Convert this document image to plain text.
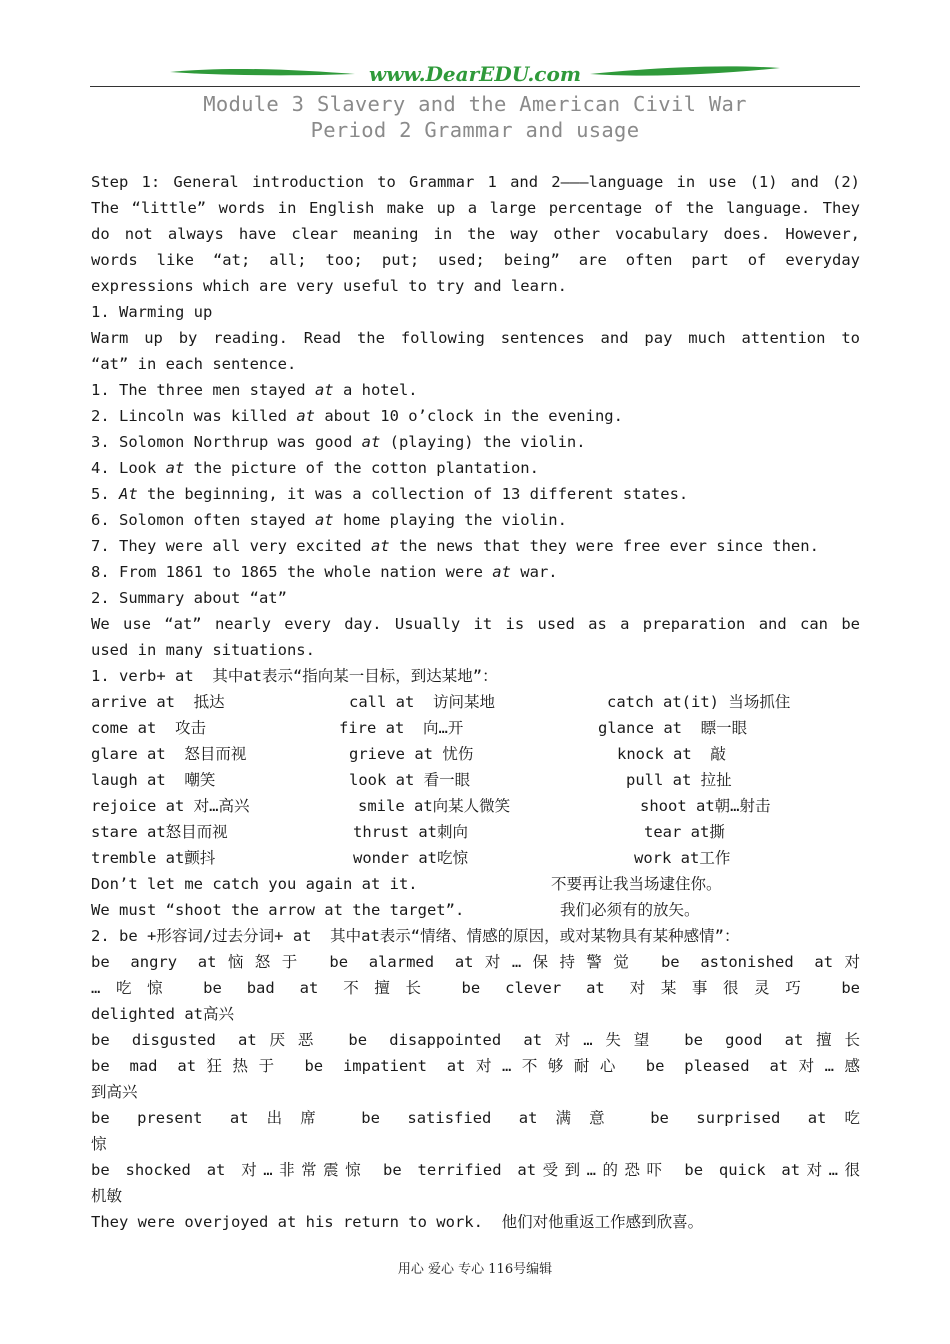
www.DearEDU.com
Module 3 Slavery and the American Civil War
Period 2 Grammar and usage
Step 1: General introduction to Grammar 1 and 2———language in use (1) and (2)
The “little” words in English make up a large percentage of the language. They
do not always have clear meaning in the way other vocabulary does. However,
words like “at; all; too; put; used; being” are often part of everyday
expressions which are very useful to try and learn.
1. Warming up
Warm up by reading. Read the following sentences and pay much attention to
“at” in each sentence.
1. The three men stayed at a hotel.
2. Lincoln was killed at about 10 o’clock in the evening.
3. Solomon Northrup was good at (playing) the violin.
4. Look at the picture of the cotton plantation.
5. At the beginning, it was a collection of 13 different states.
6. Solomon often stayed at home playing the violin.
7. They were all very excited at the news that they were free ever since then.
8. From 1861 to 1865 the whole nation were at war.
2. Summary about “at”
We use “at” nearly every day. Usually it is used as a preparation and can be
used in many situations.
1. verb+ at  其中at表示“指向某一目标，到达某地”：
arrive at  抵达	call at  访问某地	catch at(it) 当场抓住
come at  攻击	fire at  向…开	glance at  瞟一眼
glare at  怒目而视	grieve at 忧伤	knock at  敲
laugh at  嘲笑	look at 看一眼	pull at 拉扯
rejoice at 对…高兴	smile at向某人微笑	shoot at朝…射击
stare at怒目而视	thrust at刺向	tear at撕
tremble at颤抖	wonder at吃惊	work at工作
Don’t let me catch you again at it.	不要再让我当场逮住你。
We must “shoot the arrow at the target”.	我们必须有的放矢。
2. be +形容词/过去分词+ at  其中at表示“情绪、情感的原因，或对某物具有某种感情”：
be angry at恼怒于 be alarmed at对…保持警觉 be astonished at对
…吃惊 be bad at 不擅长 be clever at 对某事很灵巧 be
delighted at高兴
be disgusted at厌恶 be disappointed at对…失望 be good at擅长
be mad at狂热于 be impatient at对…不够耐心 be pleased at对…感
到高兴
be present at出席 be satisfied at满意 be surprised at吃
惊
be shocked at 对…非常震惊 be terrified at受到…的恐吓 be quick at对…很
机敏
They were overjoyed at his return to work.  他们对他重返工作感到欣喜。
用心 爱心 专心 116号编辑
